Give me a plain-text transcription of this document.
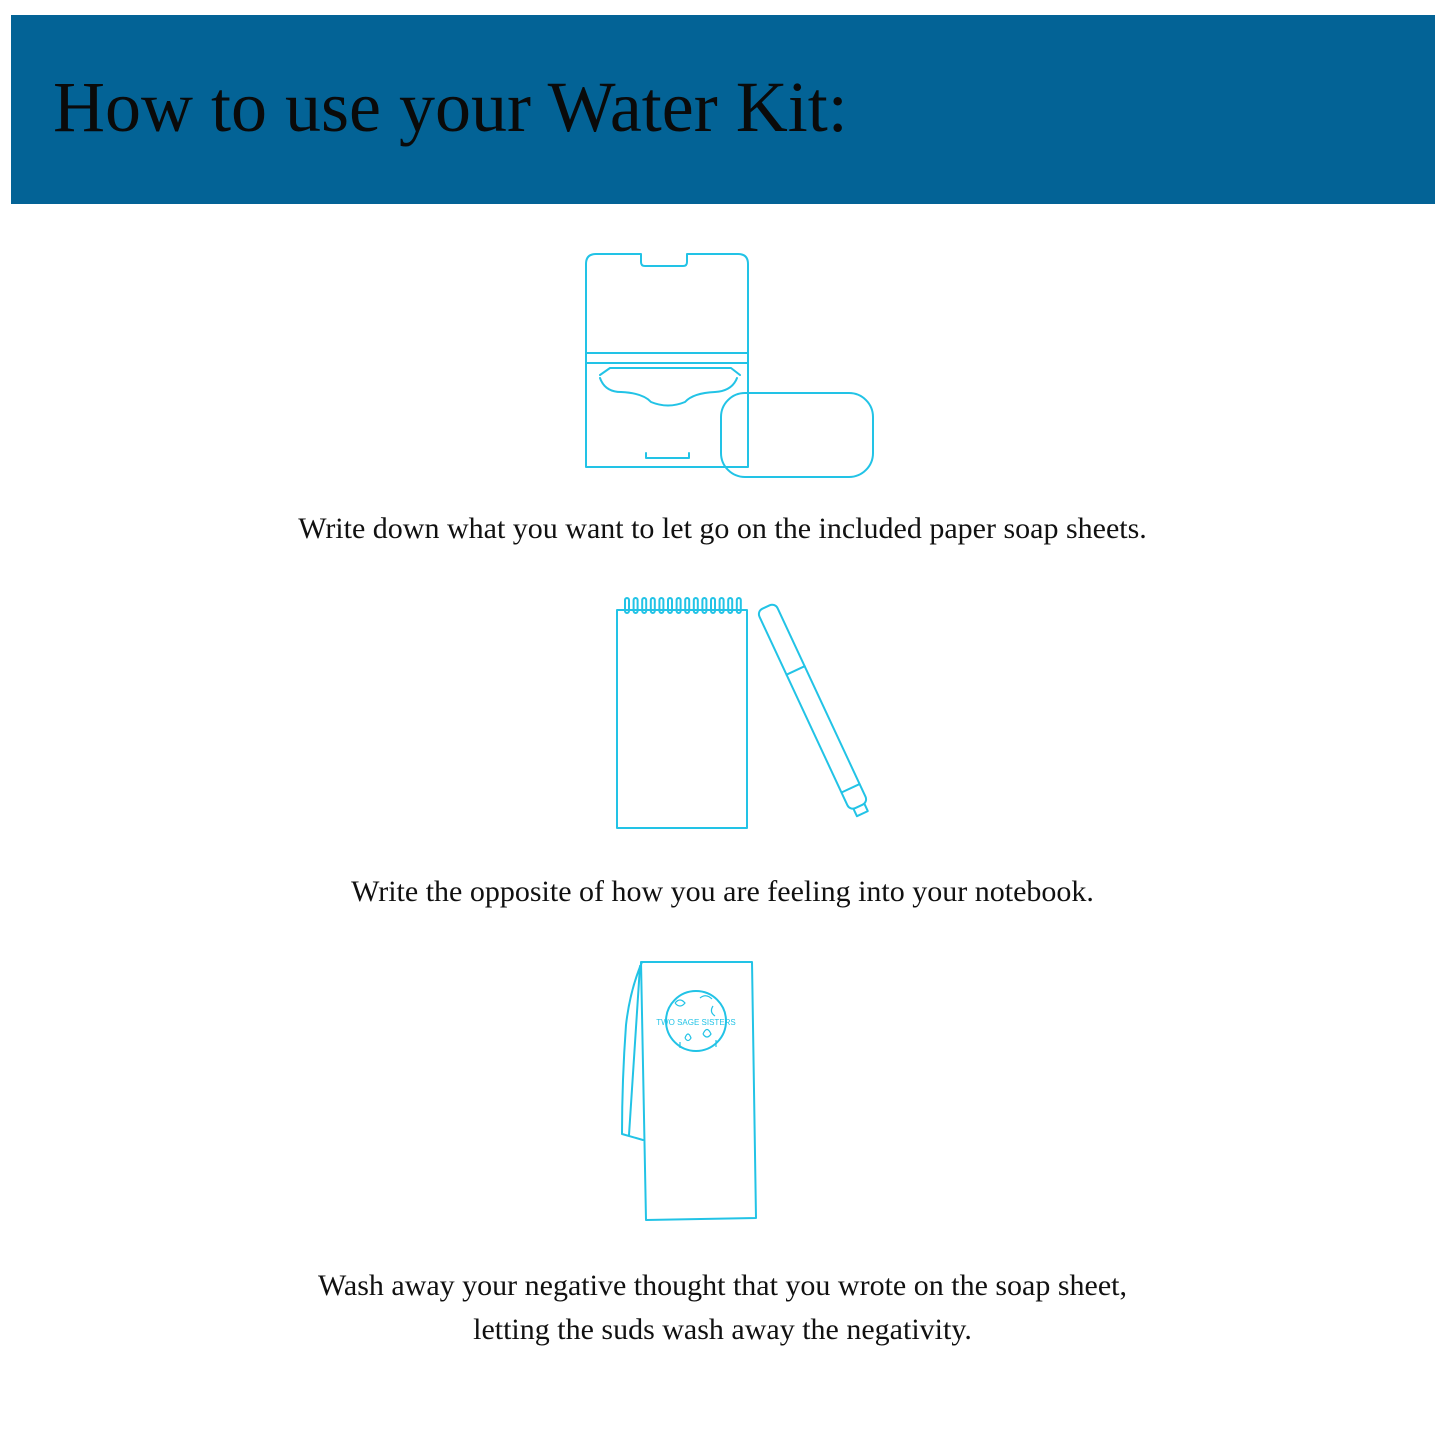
How to use your Water Kit:

Write down what you want to let go on the included paper soap sheets.

Write the opposite of how you are feeling into your notebook.

TWO SAGE SISTERS
Wash away your negative thought that you wrote on the soap sheet,
letting the suds wash away the negativity.
